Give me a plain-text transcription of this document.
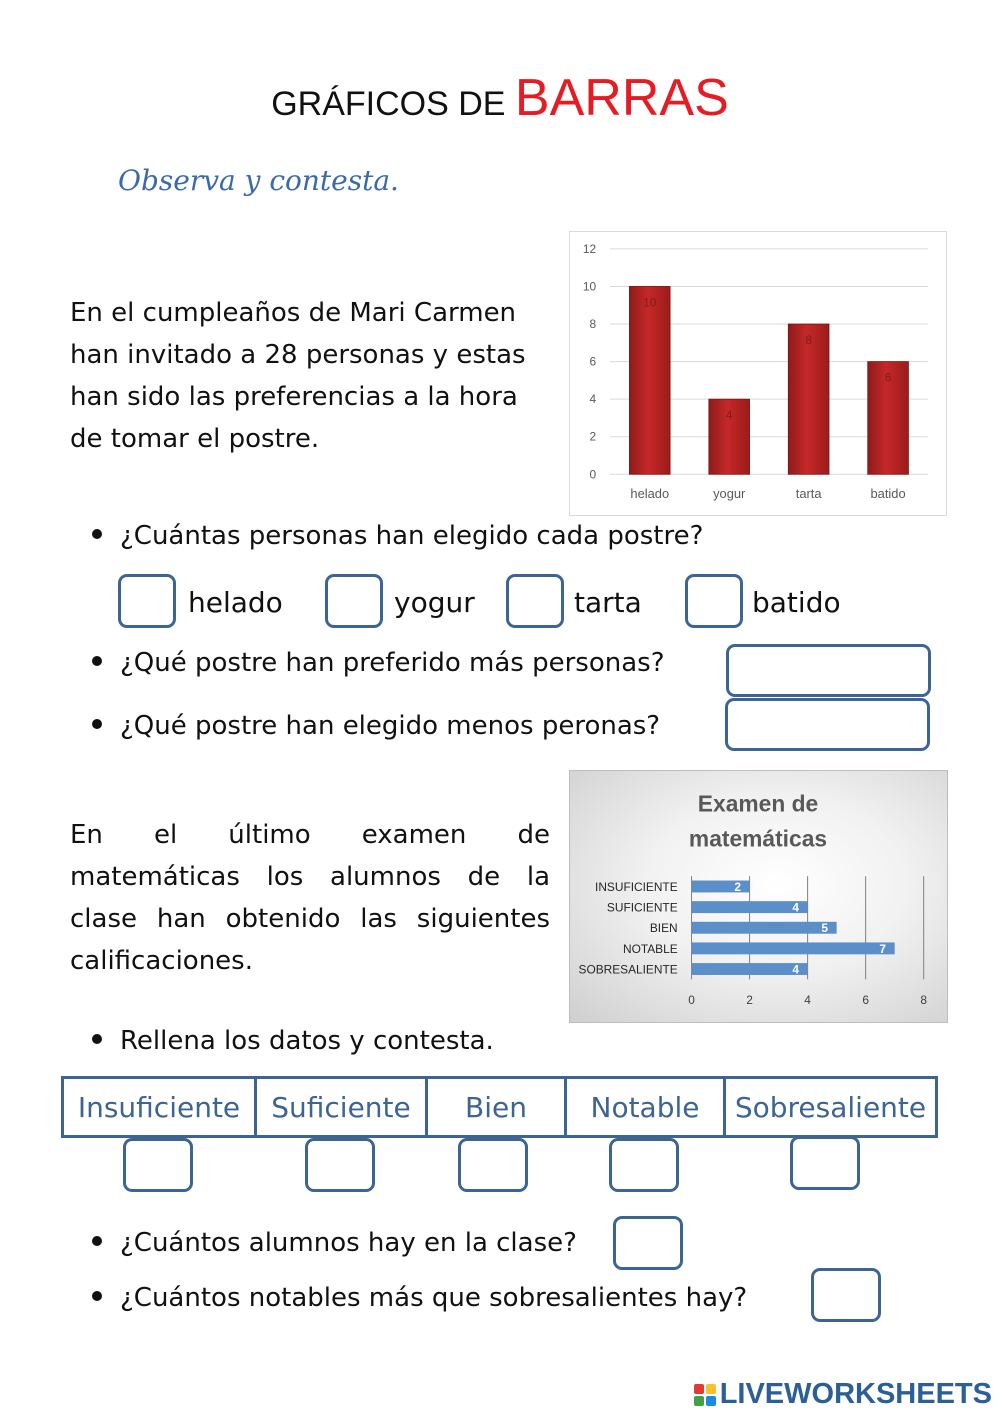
GRÁFICOS DE BARRAS
Observa y contesta.
En el cumpleaños de Mari Carmen han invitado a 28 personas y estas han sido las preferencias a la hora de tomar el postre.
0
2
4
6
8
10
12
10
helado
4
yogur
8
tarta
6
batido
¿Cuántas personas han elegido cada postre?
helado	yogur	tarta	batido
¿Qué postre han preferido más personas?
¿Qué postre han elegido menos peronas?
En el último examen de matemáticas los alumnos de la clase han obtenido las siguientes calificaciones.
Examen de
matemáticas
0	2	4	6	8
2
INSUFICIENTE
4
SUFICIENTE
5
BIEN
7
NOTABLE
4
SOBRESALIENTE
Rellena los datos y contesta.
Insuficiente	Suficiente	Bien	Notable	Sobresaliente
¿Cuántos alumnos hay en la clase?
¿Cuántos notables más que sobresalientes hay?
LIVEWORKSHEETS
